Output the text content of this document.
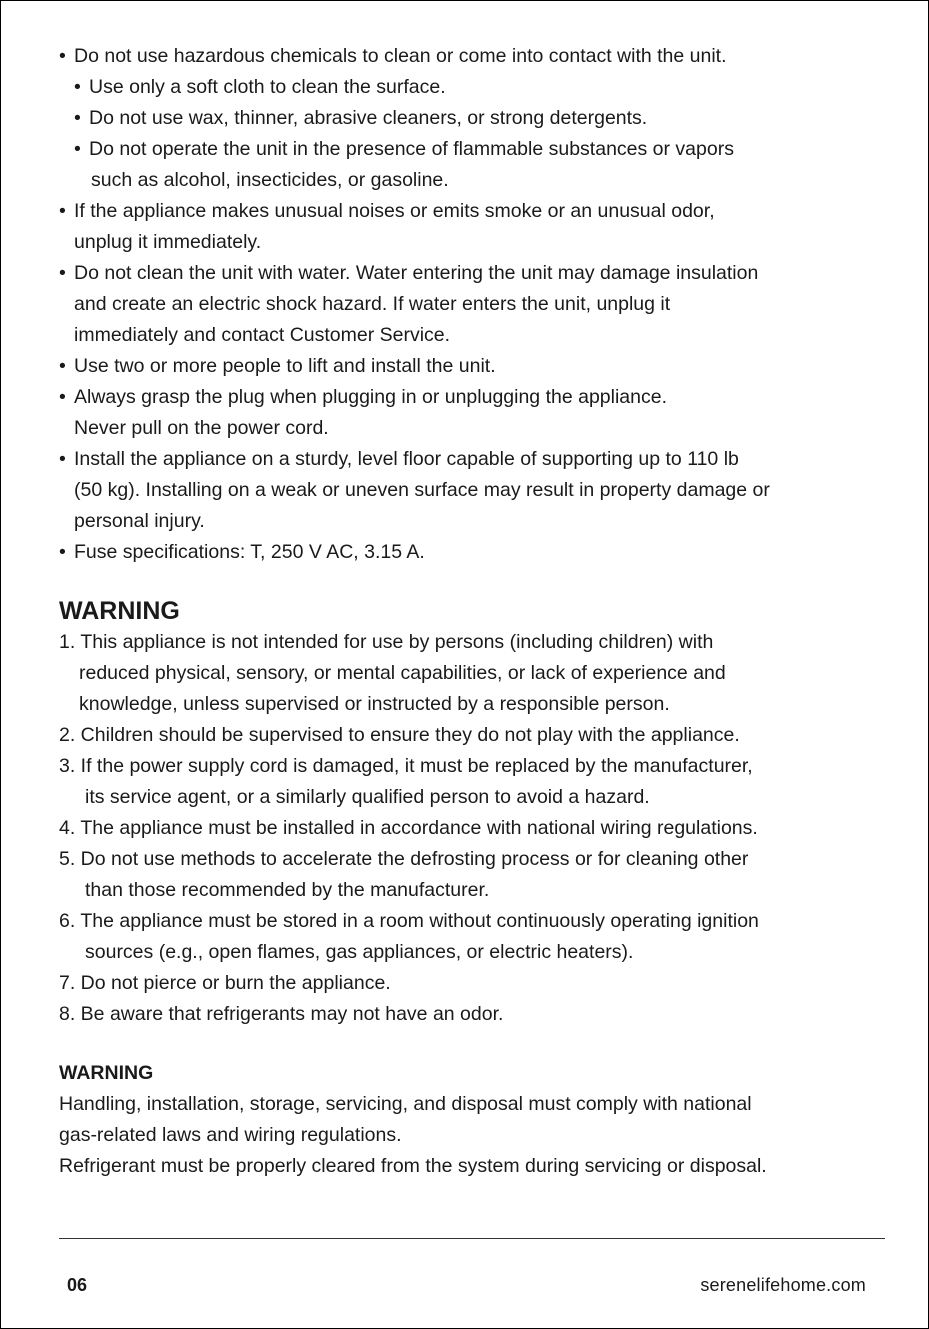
• Do not use hazardous chemicals to clean or come into contact with the unit.
• Use only a soft cloth to clean the surface.
• Do not use wax, thinner, abrasive cleaners, or strong detergents.
• Do not operate the unit in the presence of flammable substances or vapors
such as alcohol, insecticides, or gasoline.
• If the appliance makes unusual noises or emits smoke or an unusual odor,
unplug it immediately.
• Do not clean the unit with water. Water entering the unit may damage insulation
and create an electric shock hazard. If water enters the unit, unplug it
immediately and contact Customer Service.
• Use two or more people to lift and install the unit.
• Always grasp the plug when plugging in or unplugging the appliance.
Never pull on the power cord.
• Install the appliance on a sturdy, level floor capable of supporting up to 110 lb
(50 kg). Installing on a weak or uneven surface may result in property damage or
personal injury.
• Fuse specifications: T, 250 V AC, 3.15 A.
WARNING
1. This appliance is not intended for use by persons (including children) with
reduced physical, sensory, or mental capabilities, or lack of experience and
knowledge, unless supervised or instructed by a responsible person.
2. Children should be supervised to ensure they do not play with the appliance.
3. If the power supply cord is damaged, it must be replaced by the manufacturer,
its service agent, or a similarly qualified person to avoid a hazard.
4. The appliance must be installed in accordance with national wiring regulations.
5. Do not use methods to accelerate the defrosting process or for cleaning other
than those recommended by the manufacturer.
6. The appliance must be stored in a room without continuously operating ignition
sources (e.g., open flames, gas appliances, or electric heaters).
7. Do not pierce or burn the appliance.
8. Be aware that refrigerants may not have an odor.
WARNING
Handling, installation, storage, servicing, and disposal must comply with national
gas-related laws and wiring regulations.
Refrigerant must be properly cleared from the system during servicing or disposal.
06	serenelifehome.com
